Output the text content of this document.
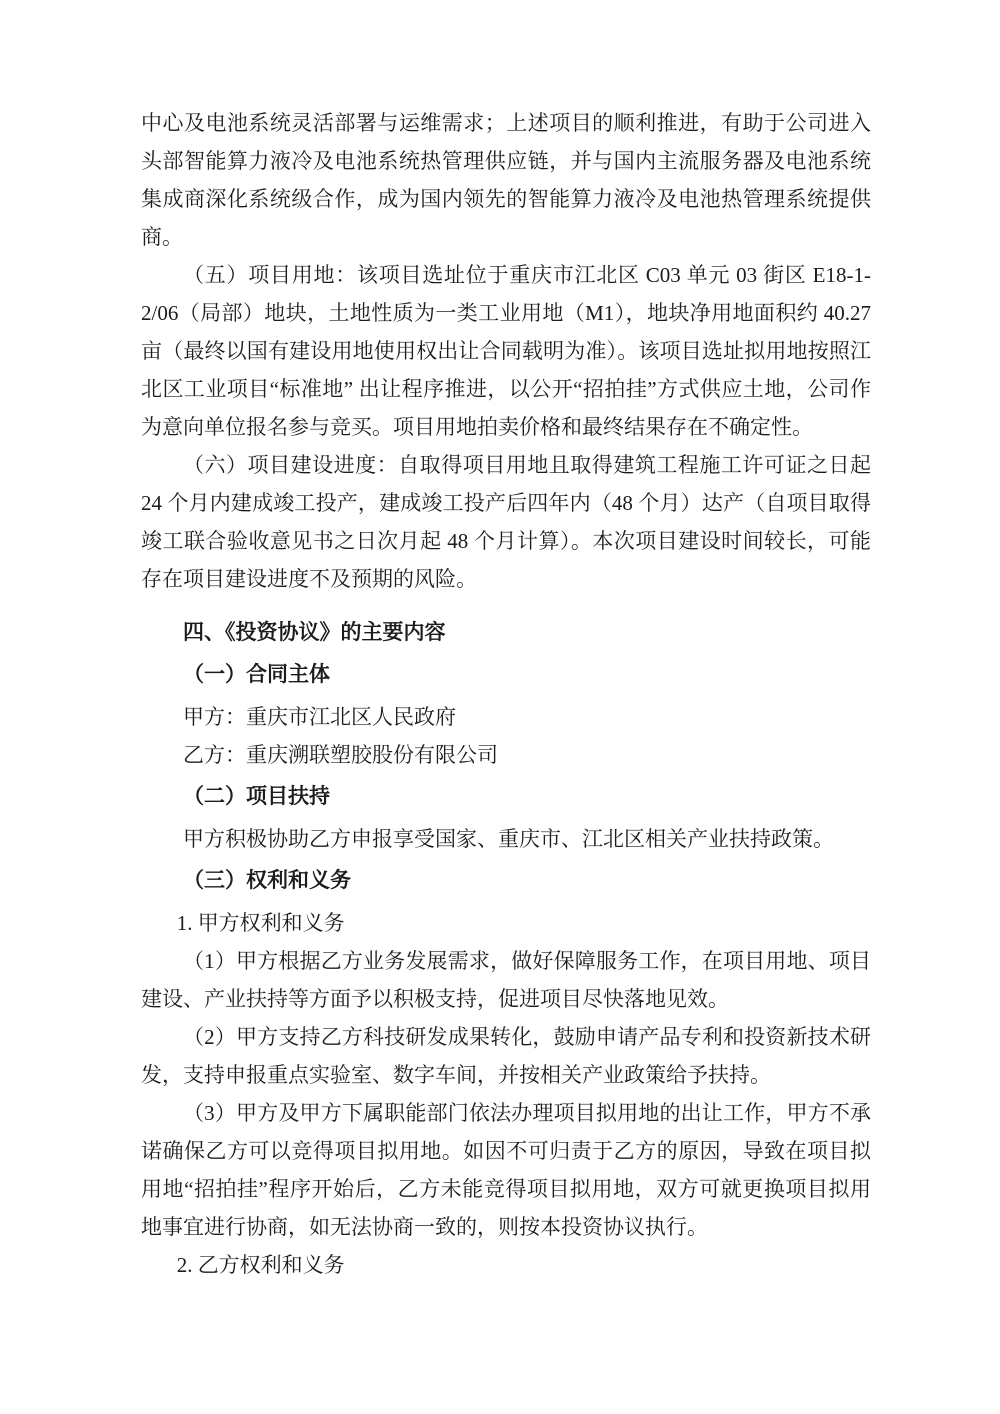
中心及电池系统灵活部署与运维需求；上述项目的顺利推进，有助于公司进入头部智能算力液冷及电池系统热管理供应链，并与国内主流服务器及电池系统集成商深化系统级合作，成为国内领先的智能算力液冷及电池热管理系统提供商。

（五）项目用地：该项目选址位于重庆市江北区 C03 单元 03 街区 E18-1-2/06（局部）地块，土地性质为一类工业用地（M1），地块净用地面积约 40.27 亩（最终以国有建设用地使用权出让合同载明为准）。该项目选址拟用地按照江北区工业项目“标准地” 出让程序推进，以公开“招拍挂”方式供应土地，公司作为意向单位报名参与竞买。项目用地拍卖价格和最终结果存在不确定性。

（六）项目建设进度：自取得项目用地且取得建筑工程施工许可证之日起 24 个月内建成竣工投产，建成竣工投产后四年内（48 个月）达产（自项目取得竣工联合验收意见书之日次月起 48 个月计算）。本次项目建设时间较长，可能存在项目建设进度不及预期的风险。

四、《投资协议》的主要内容

（一）合同主体

甲方：重庆市江北区人民政府

乙方：重庆溯联塑胶股份有限公司

（二）项目扶持

甲方积极协助乙方申报享受国家、重庆市、江北区相关产业扶持政策。

（三）权利和义务

1. 甲方权利和义务

（1）甲方根据乙方业务发展需求，做好保障服务工作，在项目用地、项目建设、产业扶持等方面予以积极支持，促进项目尽快落地见效。

（2）甲方支持乙方科技研发成果转化，鼓励申请产品专利和投资新技术研发，支持申报重点实验室、数字车间，并按相关产业政策给予扶持。

（3）甲方及甲方下属职能部门依法办理项目拟用地的出让工作，甲方不承诺确保乙方可以竞得项目拟用地。如因不可归责于乙方的原因，导致在项目拟用地“招拍挂”程序开始后，乙方未能竞得项目拟用地，双方可就更换项目拟用地事宜进行协商，如无法协商一致的，则按本投资协议执行。

2. 乙方权利和义务
